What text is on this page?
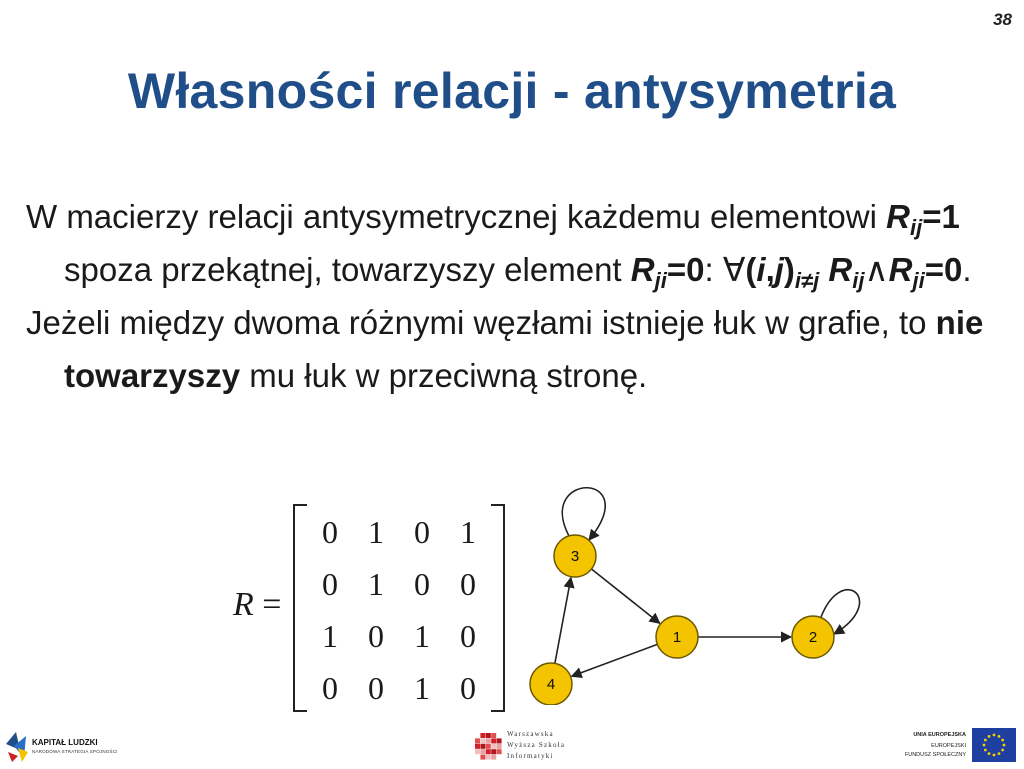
38
Własności relacji - antysymetria

W macierzy relacji antysymetrycznej każdemu elementowi $R_{ij}=1$ spoza przekątnej, towarzyszy element $R_{ji}=0$: $\forall(i,j)_{i\ne j}$ $R_{ij}\wedge R_{ji}=0$.

Jeżeli między dwoma różnymi węzłami istnieje łuk w grafie, to nie towarzyszy mu łuk w przeciwną stronę.

R =
0 1 0 1
0 1 0 0
1 0 1 0
0 0 1 0
3
1	2
4
KAPITAŁ LUDZKI
NARODOWA STRATEGIA SPÓJNOŚCI
Warszawska
Wyższa Szkoła
Informatyki
UNIA EUROPEJSKA
EUROPEJSKI
FUNDUSZ SPOŁECZNY
